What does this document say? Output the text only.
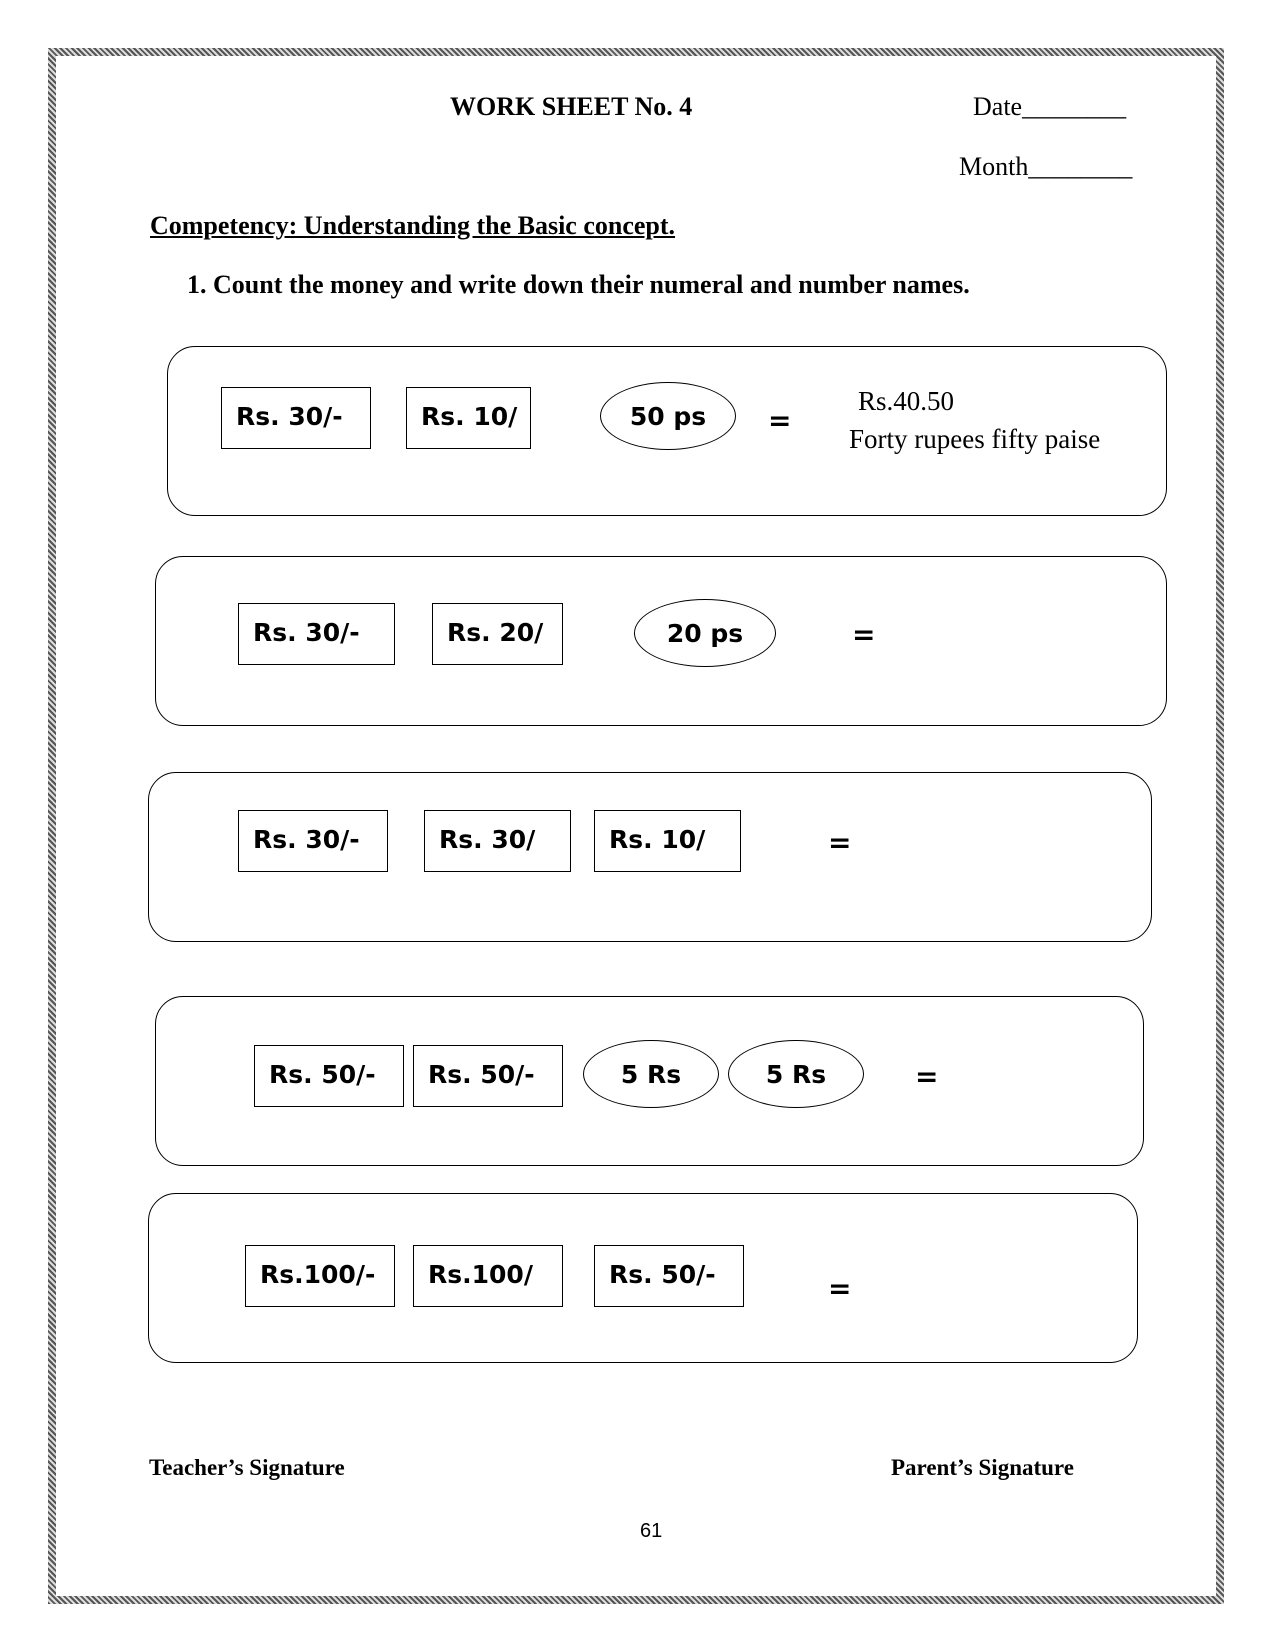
WORK SHEET No. 4	Date________
Month________
Competency: Understanding the Basic concept.
1. Count the money and write down their numeral and number names.
Rs. 30/-	Rs. 10/	50 ps	=
Rs.40.50
Forty rupees fifty paise
Rs. 30/-	Rs. 20/	20 ps	=
Rs. 30/-	Rs. 30/	Rs. 10/	=
Rs. 50/-	Rs. 50/-	5 Rs	5 Rs	=
Rs.100/-	Rs.100/	Rs. 50/-	=
Teacher’s Signature	Parent’s Signature
61
